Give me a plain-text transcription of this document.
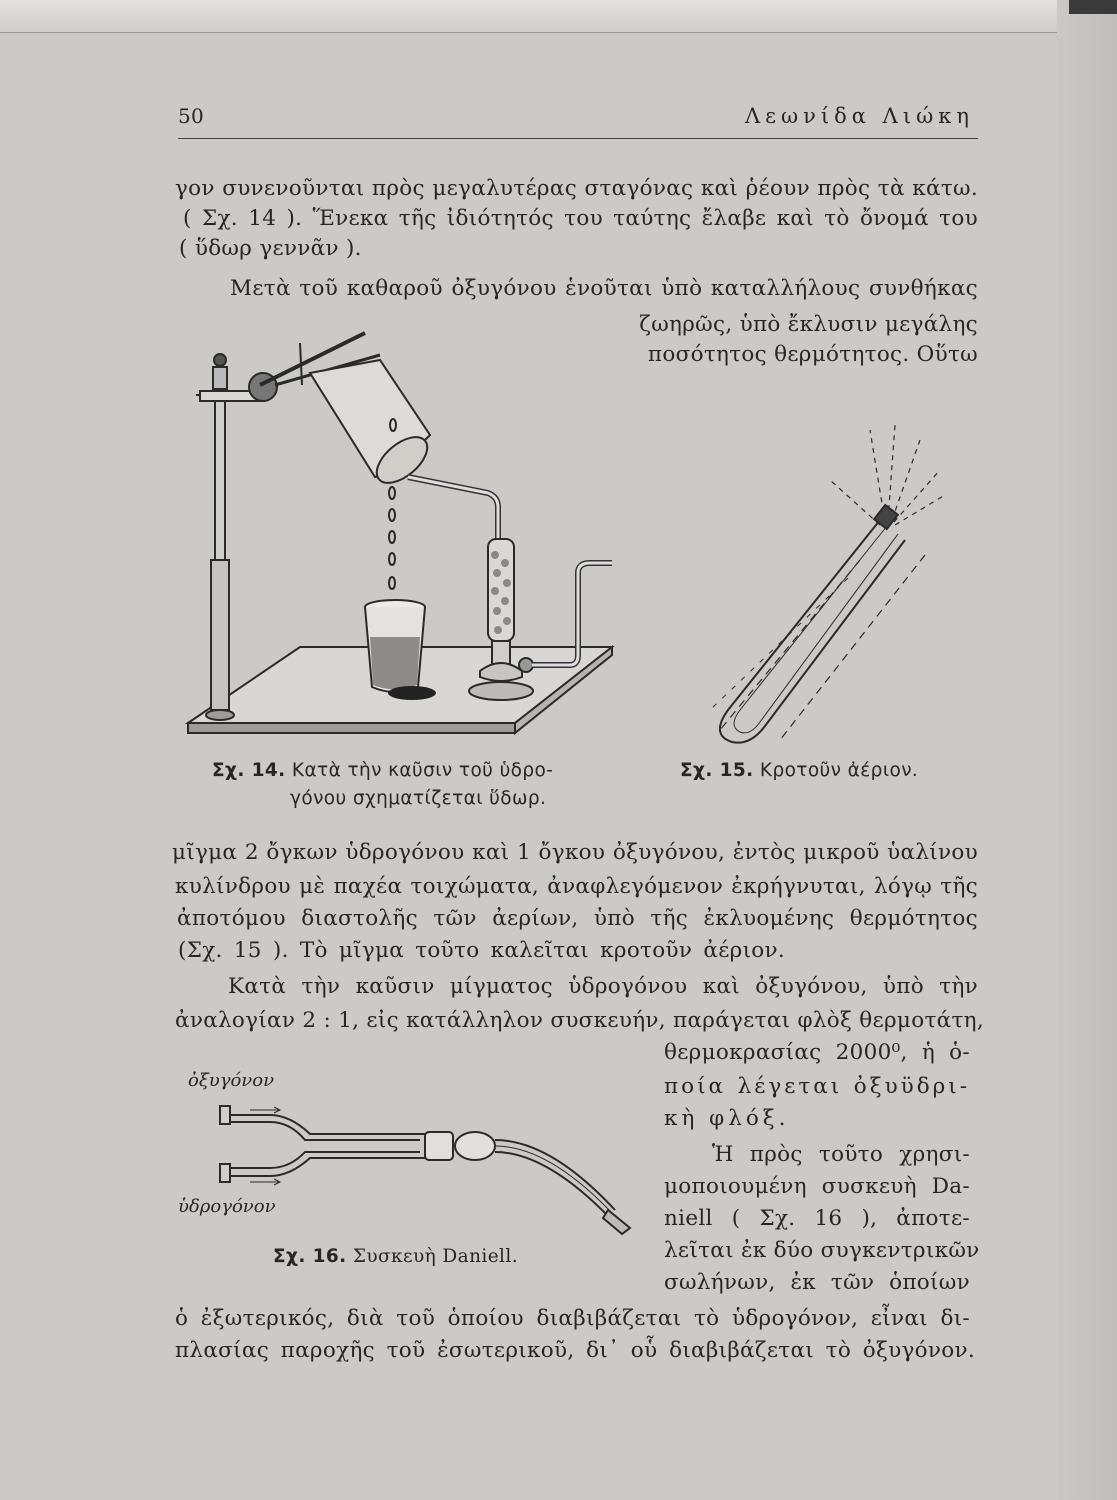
50	Λεωνίδα Λιώκη
γον συνενοῦνται πρὸς μεγαλυτέρας σταγόνας καὶ ῥέουν πρὸς τὰ κάτω.
( Σχ. 14 ). Ἕνεκα τῆς ἰδιότητός του ταύτης ἔλαβε καὶ τὸ ὄνομά του
( ὕδωρ γεννᾶν ).
Μετὰ τοῦ καθαροῦ ὀξυγόνου ἑνοῦται ὑπὸ καταλλήλους συνθήκας
ζωηρῶς, ὑπὸ ἔκλυσιν μεγάλης
ποσότητος θερμότητος. Οὕτω
Σχ. 14. Κατὰ τὴν καῦσιν τοῦ ὑδρο-
γόνου σχηματίζεται ὕδωρ.
Σχ. 15. Κροτοῦν ἀέριον.
μῖγμα 2 ὄγκων ὑδρογόνου καὶ 1 ὄγκου ὀξυγόνου, ἐντὸς μικροῦ ὑαλίνου
κυλίνδρου μὲ παχέα τοιχώματα, ἀναφλεγόμενον ἐκρήγνυται, λόγῳ τῆς
ἀποτόμου διαστολῆς τῶν ἀερίων, ὑπὸ τῆς ἐκλυομένης θερμότητος
(Σχ. 15 ). Τὸ μῖγμα τοῦτο καλεῖται κροτοῦν ἀέριον.
Κατὰ τὴν καῦσιν μίγματος ὑδρογόνου καὶ ὀξυγόνου, ὑπὸ τὴν
ἀναλογίαν 2 : 1, εἰς κατάλληλον συσκευήν, παράγεται φλὸξ θερμοτάτη,
θερμοκρασίας 2000⁰, ἡ ὁ-
ποία λέγεται ὀξυϋδρι-
κὴ φλόξ.
ὀξυγόνον
ὑδρογόνον
Σχ. 16. Συσκευὴ Daniell.
Ἡ πρὸς τοῦτο χρησι-
μοποιουμένη συσκευὴ Da-
niell ( Σχ. 16 ), ἀποτε-
λεῖται ἐκ δύο συγκεντρικῶν
σωλήνων, ἐκ τῶν ὁποίων
ὁ ἐξωτερικός, διὰ τοῦ ὁποίου διαβιβάζεται τὸ ὑδρογόνον, εἶναι δι-
πλασίας παροχῆς τοῦ ἐσωτερικοῦ, δι᾽ οὗ διαβιβάζεται τὸ ὀξυγόνον.
